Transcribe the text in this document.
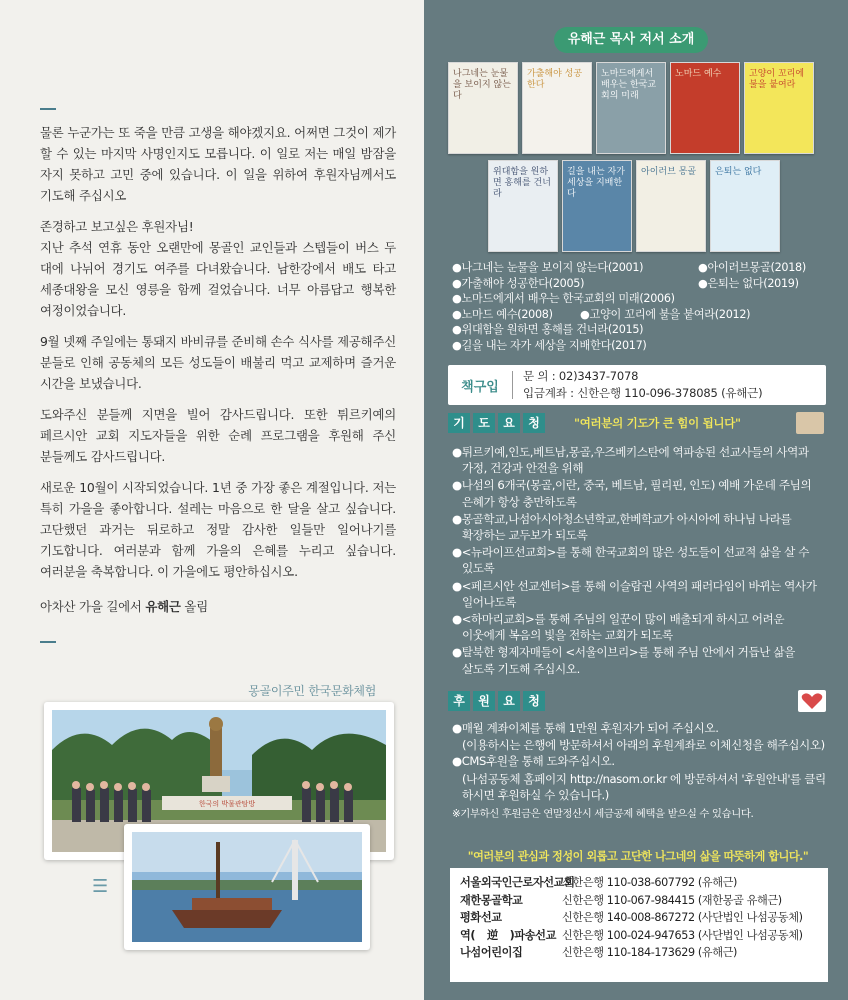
물론 누군가는 또 죽을 만큼 고생을 해야겠지요. 어쩌면 그것이 제가 할 수 있는 마지막 사명인지도 모릅니다. 이 일로 저는 매일 밤잠을 자지 못하고 고민 중에 있습니다. 이 일을 위하여 후원자님께서도 기도해 주십시오

존경하고 보고싶은 후원자님!

지난 추석 연휴 동안 오랜만에 몽골인 교인들과 스텝들이 버스 두 대에 나뉘어 경기도 여주를 다녀왔습니다. 남한강에서 배도 타고 세종대왕을 모신 영릉을 함께 걸었습니다. 너무 아름답고 행복한 여정이었습니다.

9월 넷째 주일에는 통돼지 바비큐를 준비해 손수 식사를 제공해주신 분들로 인해 공동체의 모든 성도들이 배불리 먹고 교제하며 즐거운 시간을 보냈습니다.

도와주신 분들께 지면을 빌어 감사드립니다. 또한 튀르키예의 페르시안 교회 지도자들을 위한 순례 프로그램을 후원해 주신 분들께도 감사드립니다.

새로운 10월이 시작되었습니다. 1년 중 가장 좋은 계절입니다. 저는 특히 가을을 좋아합니다. 설레는 마음으로 한 달을 살고 싶습니다. 고단했던 과거는 뒤로하고 정말 감사한 일들만 일어나기를 기도합니다. 여러분과 함께 가을의 은혜를 누리고 싶습니다. 여러분을 축복합니다. 이 가을에도 평안하십시오.

아차산 가을 길에서 유해근 올림

몽골이주민 한국문화체험
한국의 박물관탐방
☰
유해근 목사 저서 소개
나그네는 눈물을 보이지 않는다
가출해야 성공한다
노마드에게서 배우는 한국교회의 미래
노마드 예수	고양이 꼬리에 불을 붙여라
위대함을 원하면 홍해를 건너라
길을 내는 자가 세상을 지배한다
아이러브 몽골	은퇴는 없다
●나그네는 눈물을 보이지 않는다(2001)	●아이러브몽골(2018)
●가출해야 성공한다(2005)	●은퇴는 없다(2019)
●노마드에게서 배우는 한국교회의 미래(2006)
●노마드 예수(2008)	●고양이 꼬리에 불을 붙여라(2012)
●위대함을 원하면 홍해를 건너라(2015)
●길을 내는 자가 세상을 지배한다(2017)
책구입
문 의 : 02)3437-7078
입금계좌 : 신한은행 110-096-378085 (유해근)
기	도	요	청	"여러분의 기도가 큰 힘이 됩니다"
●튀르키예,인도,베트남,몽골,우즈베키스탄에 역파송된 선교사들의 사역과 가정, 건강과 안전을 위해
●나섬의 6개국(몽골,이란, 중국, 베트남, 필리핀, 인도) 예배 가운데 주님의 은혜가 항상 충만하도록
●몽골학교,나섬아시아청소년학교,한베학교가 아시아에 하나님 나라를 확장하는 교두보가 되도록
●<뉴라이프선교회>를 통해 한국교회의 많은 성도들이 선교적 삶을 살 수 있도록
●<페르시안 선교센터>를 통해 이슬람권 사역의 패러다임이 바뀌는 역사가 일어나도록
●<하마리교회>를 통해 주님의 일꾼이 많이 배출되게 하시고 어려운 이웃에게 복음의 빛을 전하는 교회가 되도록
●탈북한 형제자매들이 <서울이브리>를 통해 주님 안에서 거듭난 삶을 살도록 기도해 주십시오.
후	원	요	청
●매월 계좌이체를 통해 1만원 후원자가 되어 주십시오.
(이용하시는 은행에 방문하셔서 아래의 후원계좌로 이체신청을 해주십시오)
●CMS후원을 통해 도와주십시오.
(나섬공동체 홈페이지 http://nasom.or.kr 에 방문하셔서 '후원안내'를 클릭하시면 후원하실 수 있습니다.)
※기부하신 후원금은 연말정산시 세금공제 혜택을 받으실 수 있습니다.
"여러분의 관심과 정성이 외롭고 고단한 나그네의 삶을 따뜻하게 합니다."
서울외국인근로자선교회
신한은행 110-038-607792 (유해근)
재한몽골학교	신한은행 110-067-984415 (재한몽골 유해근)
평화선교	신한은행 140-008-867272 (사단법인 나섬공동체)
역(逆)파송선교 신한은행 100-024-947653 (사단법인 나섬공동체)
나섬어린이집	신한은행 110-184-173629 (유해근)
